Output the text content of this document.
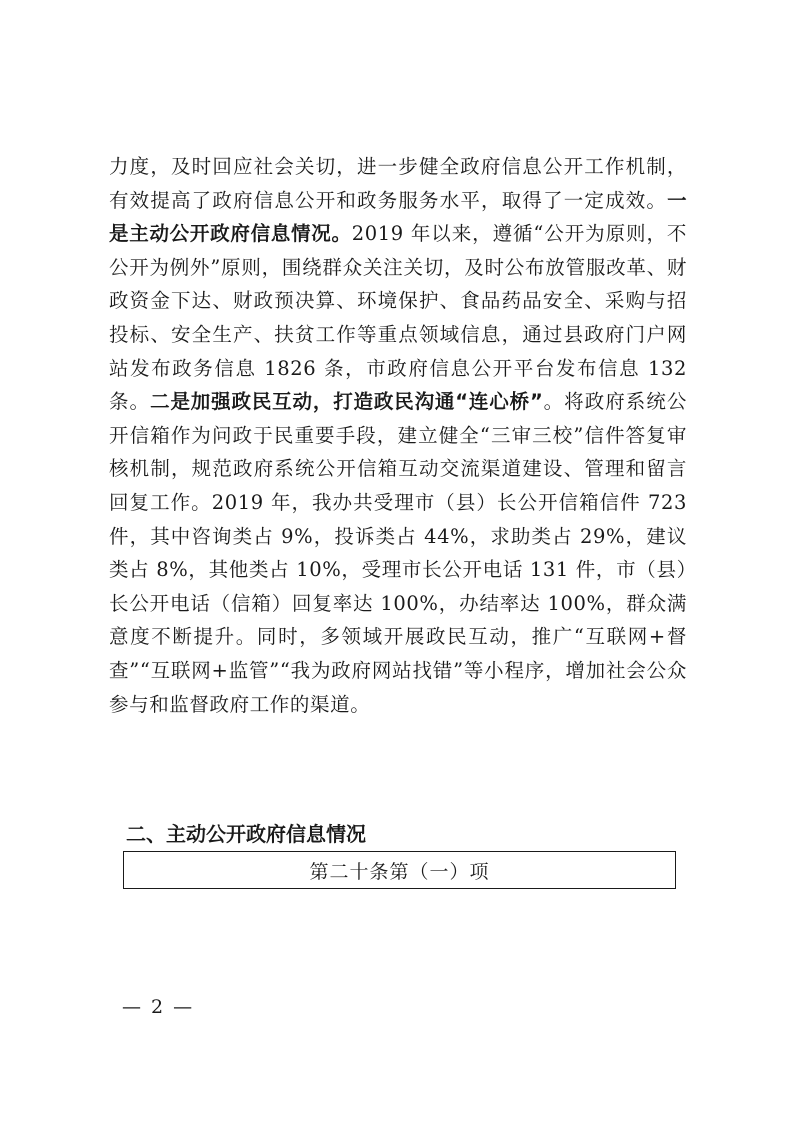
力度，及时回应社会关切，进一步健全政府信息公开工作机制，有效提高了政府信息公开和政务服务水平，取得了一定成效。一是主动公开政府信息情况。2019 年以来，遵循“公开为原则，不公开为例外”原则，围绕群众关注关切，及时公布放管服改革、财政资金下达、财政预决算、环境保护、食品药品安全、采购与招投标、安全生产、扶贫工作等重点领域信息，通过县政府门户网站发布政务信息 1826 条，市政府信息公开平台发布信息 132 条。二是加强政民互动，打造政民沟通“连心桥”。将政府系统公开信箱作为问政于民重要手段，建立健全“三审三校”信件答复审核机制，规范政府系统公开信箱互动交流渠道建设、管理和留言回复工作。2019 年，我办共受理市（县）长公开信箱信件 723 件，其中咨询类占 9%，投诉类占 44%，求助类占 29%，建议类占 8%，其他类占 10%，受理市长公开电话 131 件，市（县）长公开电话（信箱）回复率达 100%，办结率达 100%，群众满意度不断提升。同时，多领域开展政民互动，推广“互联网+督查”“互联网+监管”“我为政府网站找错”等小程序，增加社会公众参与和监督政府工作的渠道。

二、主动公开政府信息情况
第二十条第（一）项
— 2 —
